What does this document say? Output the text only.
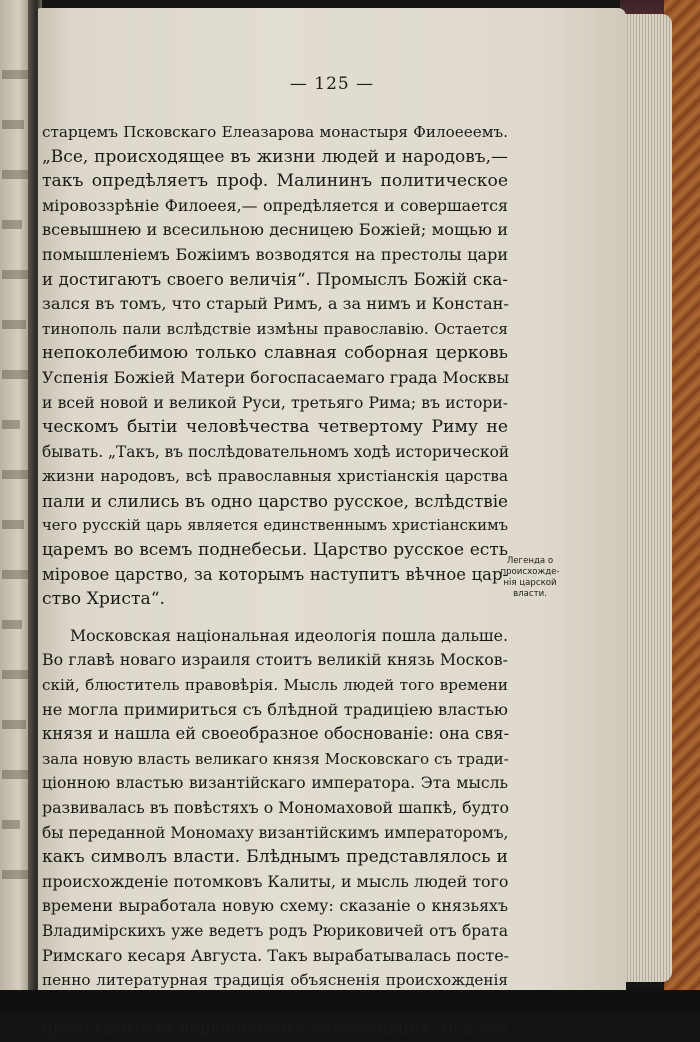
— 125 —
старцемъ Псковскаго Елеазарова монастыря Филоееемъ.
„Все, происходящее въ жизни людей и народовъ,—
такъ опредѣляетъ проф. Малининъ политическое
міровоззрѣніе Филоеея,— опредѣляется и совершается
всевышнею и всесильною десницею Божіей; мощью и
помышленіемъ Божіимъ возводятся на престолы цари
и достигаютъ своего величія“. Промыслъ Божій ска-
зался въ томъ, что старый Римъ, а за нимъ и Констан-
тинополь пали вслѣдствіе измѣны православію. Остается
непоколебимою только славная соборная церковь
Успенія Божіей Матери богоспасаемаго града Москвы
и всей новой и великой Руси, третьяго Рима; въ истори-
ческомъ бытіи человѣчества четвертому Риму не
бывать. „Такъ, въ послѣдовательномъ ходѣ исторической
жизни народовъ, всѣ православныя христіанскія царства
пали и слились въ одно царство русское, вслѣдствіе
чего русскій царь является единственнымъ христіанскимъ
царемъ во всемъ поднебесьи. Царство русское есть
міровое царство, за которымъ наступитъ вѣчное цар-
ство Христа“.
Московская національная идеологія пошла дальше.
Во главѣ новаго израиля стоитъ великій князь Москов-
скій, блюститель правовѣрія. Мысль людей того времени
не могла примириться съ блѣдной традиціею властью
князя и нашла ей своеобразное обоснованіе: она свя-
зала новую власть великаго князя Московскаго съ тради-
ціонною властью византійскаго императора. Эта мысль
развивалась въ повѣстяхъ о Мономаховой шапкѣ, будто
бы переданной Мономаху византійскимъ императоромъ,
какъ символъ власти. Блѣднымъ представлялось и
происхожденіе потомковъ Калиты, и мысль людей того
времени выработала новую схему: сказаніе о князьяхъ
Владимірскихъ уже ведетъ родъ Рюриковичей отъ брата
Римскаго кесаря Августа. Такъ вырабатывалась посте-
пенно литературная традиція объясненія происхожденія
представителя національнаго самосознанія. Вся эта
Легенда о
происхожде-
нія царской
власти.
